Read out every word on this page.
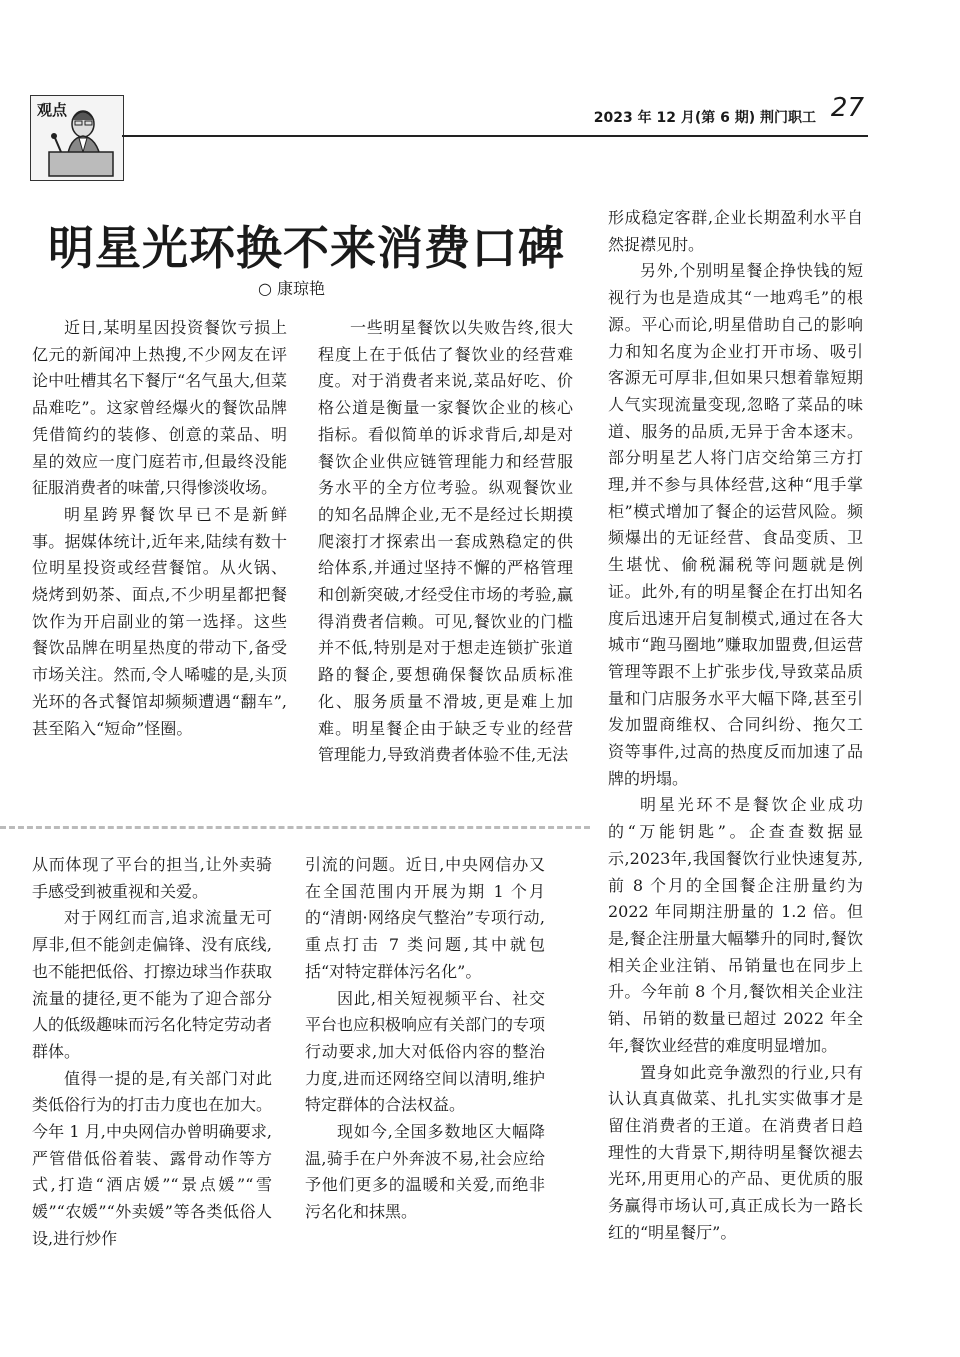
观点	2023 年 12 月(第 6 期) 荆门职工 27
明星光环换不来消费口碑
○ 康琼艳

近日,某明星因投资餐饮亏损上亿元的新闻冲上热搜,不少网友在评论中吐槽其名下餐厅“名气虽大,但菜品难吃”。这家曾经爆火的餐饮品牌凭借简约的装修、创意的菜品、明星的效应一度门庭若市,但最终没能征服消费者的味蕾,只得惨淡收场。

明星跨界餐饮早已不是新鲜事。据媒体统计,近年来,陆续有数十位明星投资或经营餐馆。从火锅、烧烤到奶茶、面点,不少明星都把餐饮作为开启副业的第一选择。这些餐饮品牌在明星热度的带动下,备受市场关注。然而,令人唏嘘的是,头顶光环的各式餐馆却频频遭遇“翻车”,甚至陷入“短命”怪圈。

一些明星餐饮以失败告终,很大程度上在于低估了餐饮业的经营难度。对于消费者来说,菜品好吃、价格公道是衡量一家餐饮企业的核心指标。看似简单的诉求背后,却是对餐饮企业供应链管理能力和经营服务水平的全方位考验。纵观餐饮业的知名品牌企业,无不是经过长期摸爬滚打才探索出一套成熟稳定的供给体系,并通过坚持不懈的严格管理和创新突破,才经受住市场的考验,赢得消费者信赖。可见,餐饮业的门槛并不低,特别是对于想走连锁扩张道路的餐企,要想确保餐饮品质标准化、服务质量不滑坡,更是难上加难。明星餐企由于缺乏专业的经营管理能力,导致消费者体验不佳,无法

形成稳定客群,企业长期盈利水平自然捉襟见肘。

另外,个别明星餐企挣快钱的短视行为也是造成其“一地鸡毛”的根源。平心而论,明星借助自己的影响力和知名度为企业打开市场、吸引客源无可厚非,但如果只想着靠短期人气实现流量变现,忽略了菜品的味道、服务的品质,无异于舍本逐末。部分明星艺人将门店交给第三方打理,并不参与具体经营,这种“甩手掌柜”模式增加了餐企的运营风险。频频爆出的无证经营、食品变质、卫生堪忧、偷税漏税等问题就是例证。此外,有的明星餐企在打出知名度后迅速开启复制模式,通过在各大城市“跑马圈地”赚取加盟费,但运营管理等跟不上扩张步伐,导致菜品质量和门店服务水平大幅下降,甚至引发加盟商维权、合同纠纷、拖欠工资等事件,过高的热度反而加速了品牌的坍塌。

明星光环不是餐饮企业成功的“万能钥匙”。企查查数据显示,2023年,我国餐饮行业快速复苏,前 8 个月的全国餐企注册量约为 2022 年同期注册量的 1.2 倍。但是,餐企注册量大幅攀升的同时,餐饮相关企业注销、吊销量也在同步上升。今年前 8 个月,餐饮相关企业注销、吊销的数量已超过 2022 年全年,餐饮业经营的难度明显增加。

置身如此竞争激烈的行业,只有认认真真做菜、扎扎实实做事才是留住消费者的王道。在消费者日趋理性的大背景下,期待明星餐饮褪去光环,用更用心的产品、更优质的服务赢得市场认可,真正成长为一路长红的“明星餐厅”。

从而体现了平台的担当,让外卖骑手感受到被重视和关爱。

对于网红而言,追求流量无可厚非,但不能剑走偏锋、没有底线,也不能把低俗、打擦边球当作获取流量的捷径,更不能为了迎合部分人的低级趣味而污名化特定劳动者群体。

值得一提的是,有关部门对此类低俗行为的打击力度也在加大。今年 1 月,中央网信办曾明确要求,严管借低俗着装、露骨动作等方式,打造“酒店媛”“景点媛”“雪媛”“农媛”“外卖媛”等各类低俗人设,进行炒作

引流的问题。近日,中央网信办又在全国范围内开展为期 1 个月的“清朗·网络戾气整治”专项行动,重点打击 7 类问题,其中就包括“对特定群体污名化”。

因此,相关短视频平台、社交平台也应积极响应有关部门的专项行动要求,加大对低俗内容的整治力度,进而还网络空间以清明,维护特定群体的合法权益。

现如今,全国多数地区大幅降温,骑手在户外奔波不易,社会应给予他们更多的温暖和关爱,而绝非污名化和抹黑。
